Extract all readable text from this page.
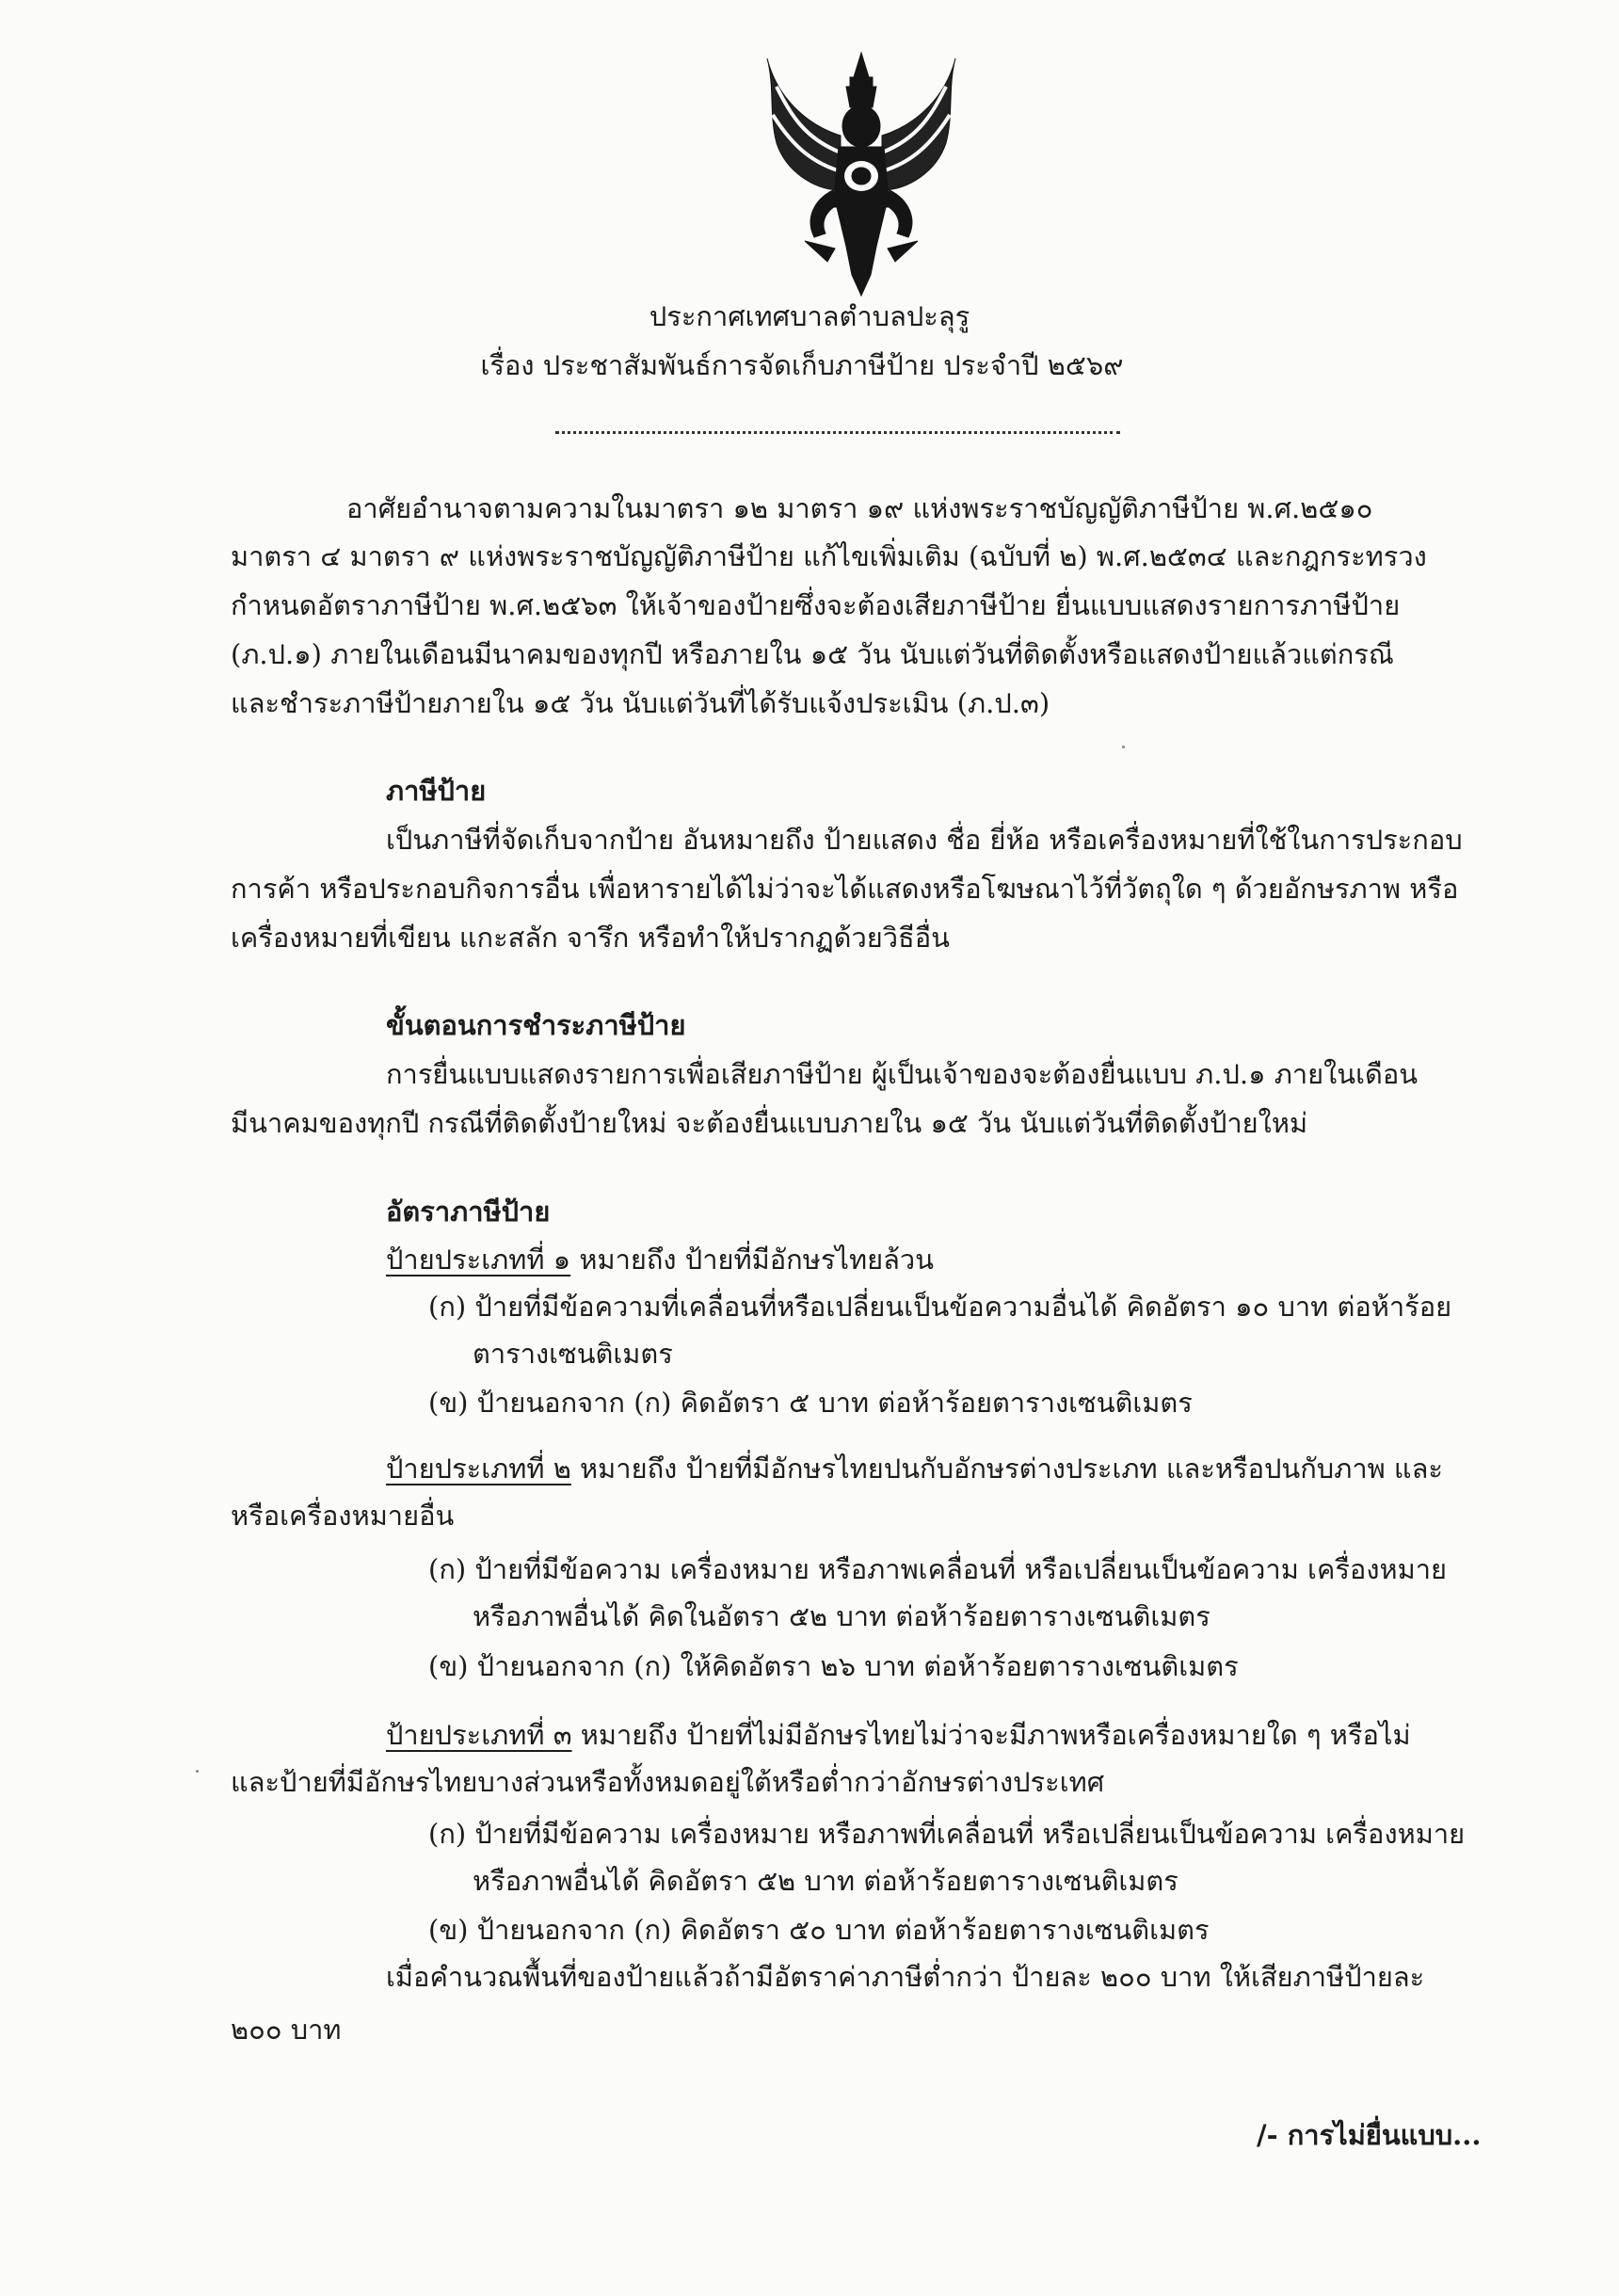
ประกาศเทศบาลตำบลปะลุรู
เรื่อง ประชาสัมพันธ์การจัดเก็บภาษีป้าย ประจำปี ๒๕๖๙
อาศัยอำนาจตามความในมาตรา ๑๒ มาตรา ๑๙ แห่งพระราชบัญญัติภาษีป้าย พ.ศ.๒๕๑๐
มาตรา ๔ มาตรา ๙ แห่งพระราชบัญญัติภาษีป้าย แก้ไขเพิ่มเติม (ฉบับที่ ๒) พ.ศ.๒๕๓๔ และกฎกระทรวง
กำหนดอัตราภาษีป้าย พ.ศ.๒๕๖๓ ให้เจ้าของป้ายซึ่งจะต้องเสียภาษีป้าย ยื่นแบบแสดงรายการภาษีป้าย
(ภ.ป.๑) ภายในเดือนมีนาคมของทุกปี หรือภายใน ๑๕ วัน นับแต่วันที่ติดตั้งหรือแสดงป้ายแล้วแต่กรณี
และชำระภาษีป้ายภายใน ๑๕ วัน นับแต่วันที่ได้รับแจ้งประเมิน (ภ.ป.๓)
ภาษีป้าย
เป็นภาษีที่จัดเก็บจากป้าย อันหมายถึง ป้ายแสดง ชื่อ ยี่ห้อ หรือเครื่องหมายที่ใช้ในการประกอบ
การค้า หรือประกอบกิจการอื่น เพื่อหารายได้ไม่ว่าจะได้แสดงหรือโฆษณาไว้ที่วัตถุใด ๆ ด้วยอักษรภาพ หรือ
เครื่องหมายที่เขียน แกะสลัก จารึก หรือทำให้ปรากฏด้วยวิธีอื่น
ขั้นตอนการชำระภาษีป้าย
การยื่นแบบแสดงรายการเพื่อเสียภาษีป้าย ผู้เป็นเจ้าของจะต้องยื่นแบบ ภ.ป.๑ ภายในเดือน
มีนาคมของทุกปี กรณีที่ติดตั้งป้ายใหม่ จะต้องยื่นแบบภายใน ๑๕ วัน นับแต่วันที่ติดตั้งป้ายใหม่
อัตราภาษีป้าย
ป้ายประเภทที่ ๑ หมายถึง ป้ายที่มีอักษรไทยล้วน
(ก) ป้ายที่มีข้อความที่เคลื่อนที่หรือเปลี่ยนเป็นข้อความอื่นได้ คิดอัตรา ๑๐ บาท ต่อห้าร้อย
ตารางเซนติเมตร
(ข) ป้ายนอกจาก (ก) คิดอัตรา ๕ บาท ต่อห้าร้อยตารางเซนติเมตร
ป้ายประเภทที่ ๒ หมายถึง ป้ายที่มีอักษรไทยปนกับอักษรต่างประเภท และหรือปนกับภาพ และ
หรือเครื่องหมายอื่น
(ก) ป้ายที่มีข้อความ เครื่องหมาย หรือภาพเคลื่อนที่ หรือเปลี่ยนเป็นข้อความ เครื่องหมาย
หรือภาพอื่นได้ คิดในอัตรา ๕๒ บาท ต่อห้าร้อยตารางเซนติเมตร
(ข) ป้ายนอกจาก (ก) ให้คิดอัตรา ๒๖ บาท ต่อห้าร้อยตารางเซนติเมตร
ป้ายประเภทที่ ๓ หมายถึง ป้ายที่ไม่มีอักษรไทยไม่ว่าจะมีภาพหรือเครื่องหมายใด ๆ หรือไม่
และป้ายที่มีอักษรไทยบางส่วนหรือทั้งหมดอยู่ใต้หรือต่ำกว่าอักษรต่างประเทศ
(ก) ป้ายที่มีข้อความ เครื่องหมาย หรือภาพที่เคลื่อนที่ หรือเปลี่ยนเป็นข้อความ เครื่องหมาย
หรือภาพอื่นได้ คิดอัตรา ๕๒ บาท ต่อห้าร้อยตารางเซนติเมตร
(ข) ป้ายนอกจาก (ก) คิดอัตรา ๕๐ บาท ต่อห้าร้อยตารางเซนติเมตร
เมื่อคำนวณพื้นที่ของป้ายแล้วถ้ามีอัตราค่าภาษีต่ำกว่า ป้ายละ ๒๐๐ บาท ให้เสียภาษีป้ายละ
๒๐๐ บาท
/- การไม่ยื่นแบบ...
